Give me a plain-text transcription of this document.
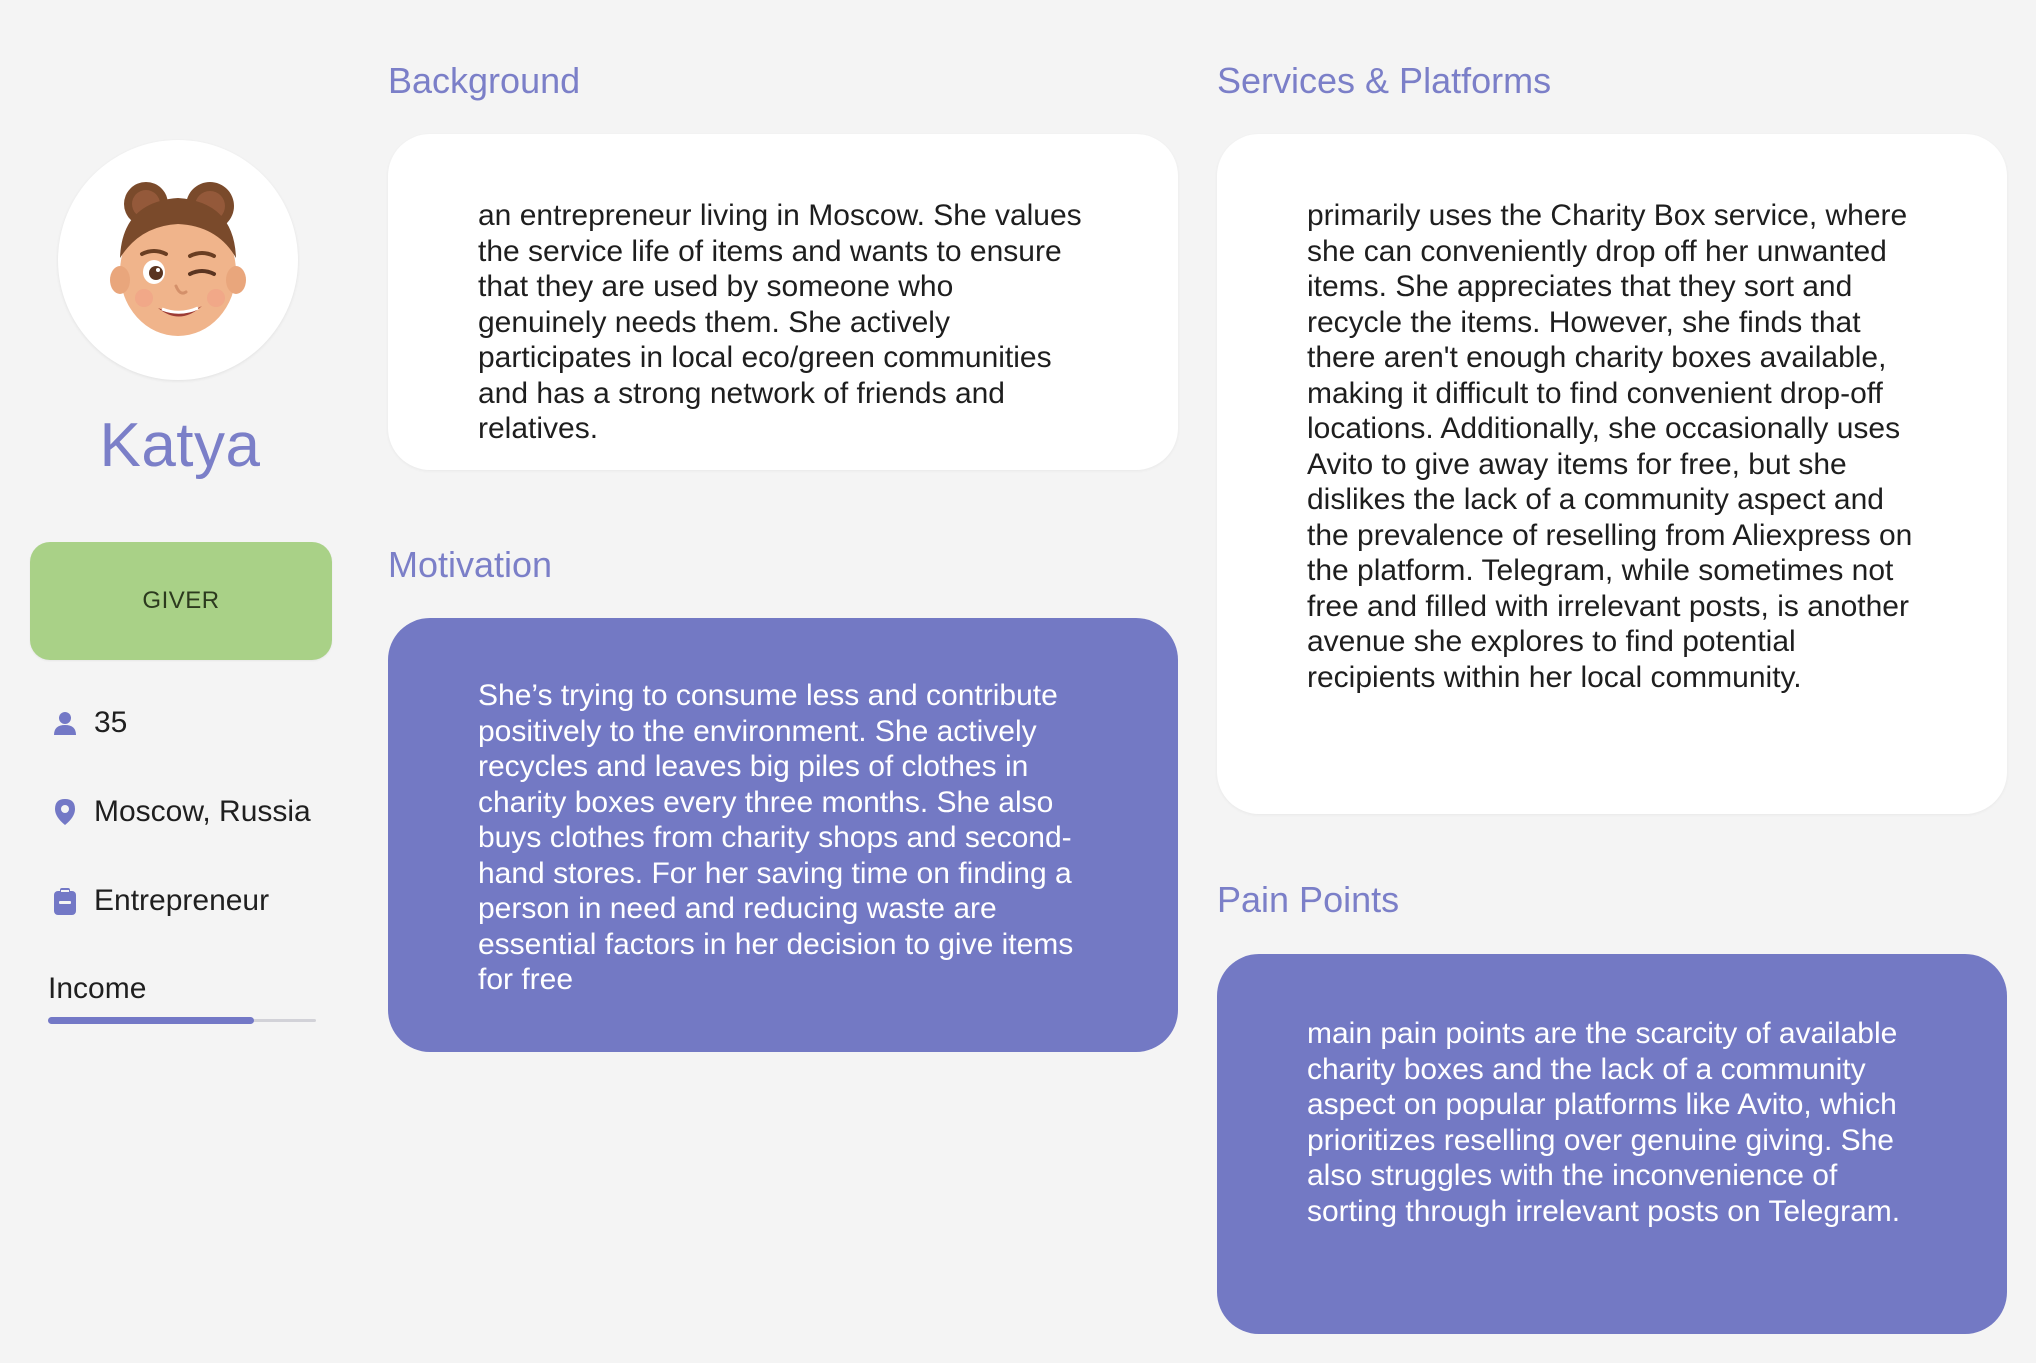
Katya
GIVER
35
Moscow, Russia
Entrepreneur
Income
Background

an entrepreneur living in Moscow. She values the service life of items and wants to ensure that they are used by someone who genuinely needs them. She actively participates in local eco/green communities and has a strong network of friends and relatives.

Motivation

She’s trying to consume less and contribute positively to the environment. She actively recycles and leaves big piles of clothes in charity boxes every three months. She also buys clothes from charity shops and second-hand stores. For her saving time on finding a person in need and reducing waste are essential factors in her decision to give items for free

Services & Platforms

primarily uses the Charity Box service, where she can conveniently drop off her unwanted items. She appreciates that they sort and recycle the items. However, she finds that there aren't enough charity boxes available, making it difficult to find convenient drop-off locations. Additionally, she occasionally uses Avito to give away items for free, but she dislikes the lack of a community aspect and the prevalence of reselling from Aliexpress on the platform. Telegram, while sometimes not free and filled with irrelevant posts, is another avenue she explores to find potential recipients within her local community.

Pain Points

main pain points are the scarcity of available charity boxes and the lack of a community aspect on popular platforms like Avito, which prioritizes reselling over genuine giving. She also struggles with the inconvenience of sorting through irrelevant posts on Telegram.
